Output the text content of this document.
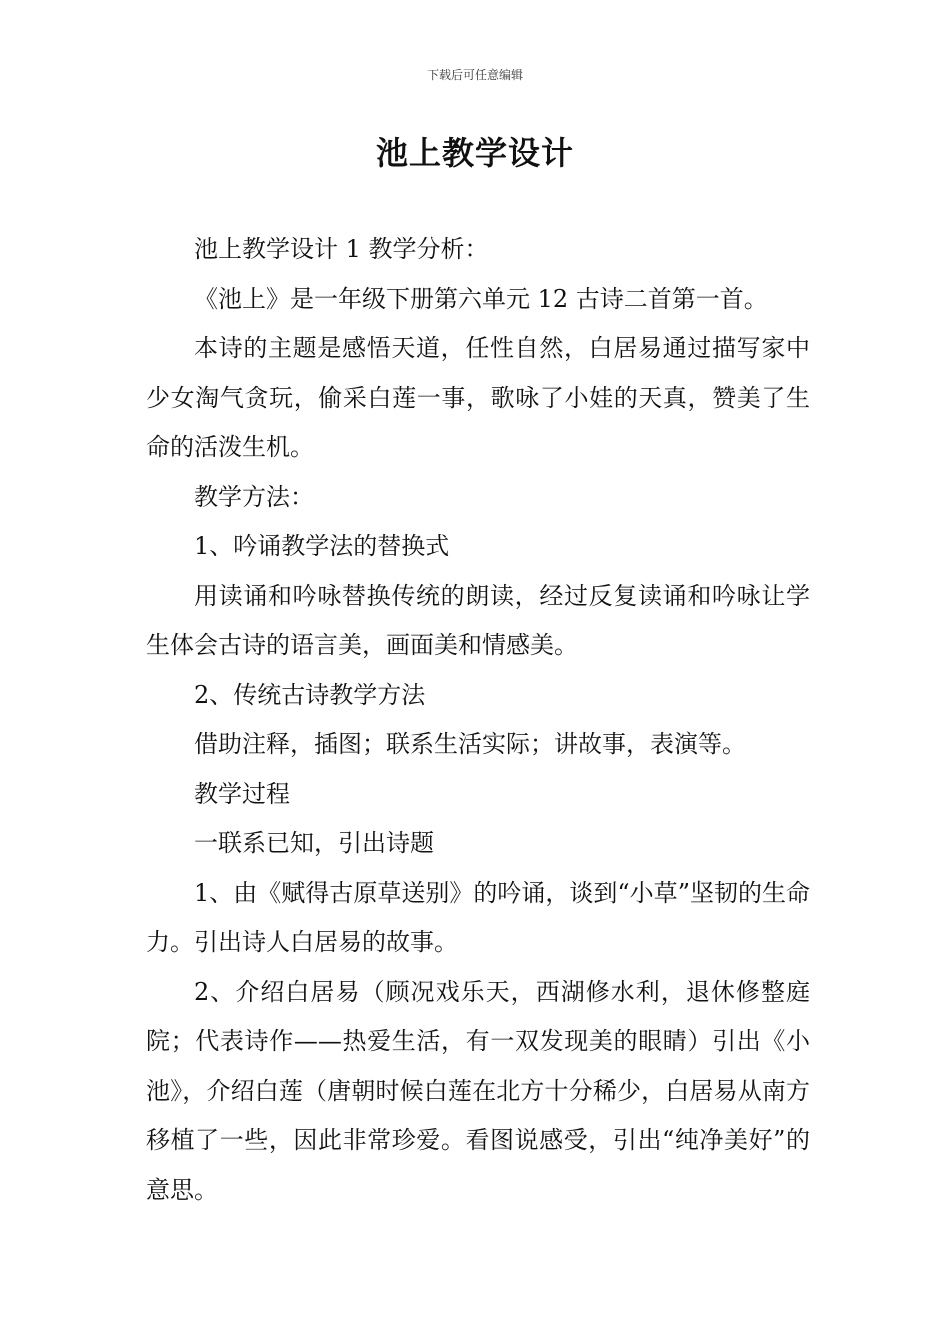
下载后可任意编辑
池上教学设计

池上教学设计 1 教学分析：

《池上》是一年级下册第六单元 12 古诗二首第一首。

本诗的主题是感悟天道，任性自然，白居易通过描写家中少女淘气贪玩，偷采白莲一事，歌咏了小娃的天真，赞美了生命的活泼生机。

教学方法：

1、吟诵教学法的替换式

用读诵和吟咏替换传统的朗读，经过反复读诵和吟咏让学生体会古诗的语言美，画面美和情感美。

2、传统古诗教学方法

借助注释，插图；联系生活实际；讲故事，表演等。

教学过程

一联系已知，引出诗题

1、由《赋得古原草送别》的吟诵，谈到“小草”坚韧的生命力。引出诗人白居易的故事。

2、介绍白居易（顾况戏乐天，西湖修水利，退休修整庭院；代表诗作——热爱生活，有一双发现美的眼睛）引出《小池》，介绍白莲（唐朝时候白莲在北方十分稀少，白居易从南方移植了一些，因此非常珍爱。看图说感受，引出“纯净美好”的意思。
